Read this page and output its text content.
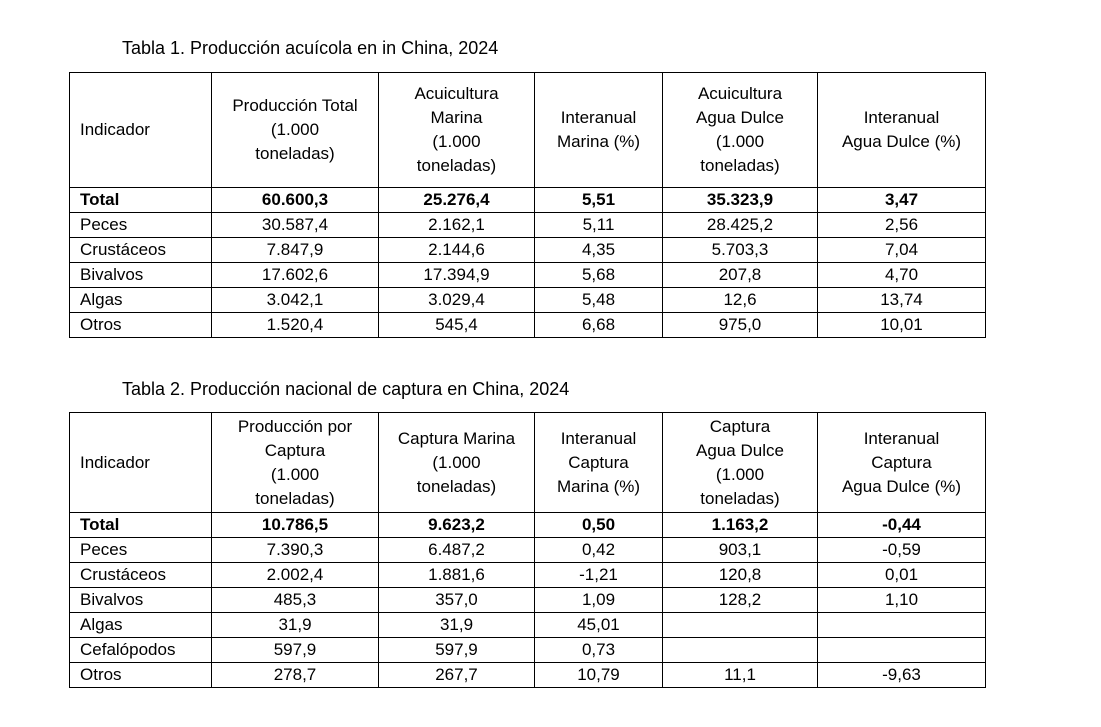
Tabla 1. Producción acuícola en in China, 2024
Indicador	Producción Total
(1.000
toneladas)	Acuicultura
Marina
(1.000
toneladas)	Interanual
Marina (%)	Acuicultura
Agua Dulce
(1.000
toneladas)	Interanual
Agua Dulce (%)

Total	60.600,3	25.276,4	5,51	35.323,9	3,47
Peces	30.587,4	2.162,1	5,11	28.425,2	2,56
Crustáceos	7.847,9	2.144,6	4,35	5.703,3	7,04
Bivalvos	17.602,6	17.394,9	5,68	207,8	4,70
Algas	3.042,1	3.029,4	5,48	12,6	13,74
Otros	1.520,4	545,4	6,68	975,0	10,01
Tabla 2. Producción nacional de captura en China, 2024
Indicador	Producción por
Captura
(1.000
toneladas)	Captura Marina
(1.000
toneladas)	Interanual
Captura
Marina (%)	Captura
Agua Dulce
(1.000
toneladas)	Interanual
Captura
Agua Dulce (%)

Total	10.786,5	9.623,2	0,50	1.163,2	-0,44
Peces	7.390,3	6.487,2	0,42	903,1	-0,59
Crustáceos	2.002,4	1.881,6	-1,21	120,8	0,01
Bivalvos	485,3	357,0	1,09	128,2	1,10
Algas	31,9	31,9	45,01		
Cefalópodos	597,9	597,9	0,73		
Otros	278,7	267,7	10,79	11,1	-9,63
